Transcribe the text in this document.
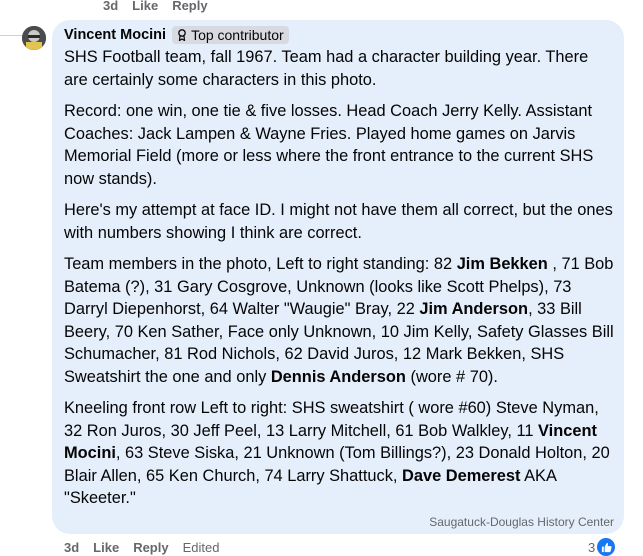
3d Like Reply
Vincent Mocini Top contributor

SHS Football team, fall 1967. Team had a character building year. There are certainly some characters in this photo.

Record: one win, one tie & five losses. Head Coach Jerry Kelly. Assistant Coaches: Jack Lampen & Wayne Fries. Played home games on Jarvis Memorial Field (more or less where the front entrance to the current SHS now stands).

Here's my attempt at face ID. I might not have them all correct, but the ones with numbers showing I think are correct.

Team members in the photo, Left to right standing: 82 Jim Bekken , 71 Bob Batema (?), 31 Gary Cosgrove, Unknown (looks like Scott Phelps), 73 Darryl Diepenhorst, 64 Walter "Waugie" Bray, 22 Jim Anderson, 33 Bill Beery, 70 Ken Sather, Face only Unknown, 10 Jim Kelly, Safety Glasses Bill Schumacher, 81 Rod Nichols, 62 David Juros, 12 Mark Bekken, SHS Sweatshirt the one and only Dennis Anderson (wore # 70).

Kneeling front row Left to right: SHS sweatshirt ( wore #60) Steve Nyman, 32 Ron Juros, 30 Jeff Peel, 13 Larry Mitchell, 61 Bob Walkley, 11 Vincent Mocini, 63 Steve Siska, 21 Unknown (Tom Billings?), 23 Donald Holton, 20 Blair Allen, 65 Ken Church, 74 Larry Shattuck, Dave Demerest AKA "Skeeter."

Saugatuck-Douglas History Center
3d Like Reply Edited	3
